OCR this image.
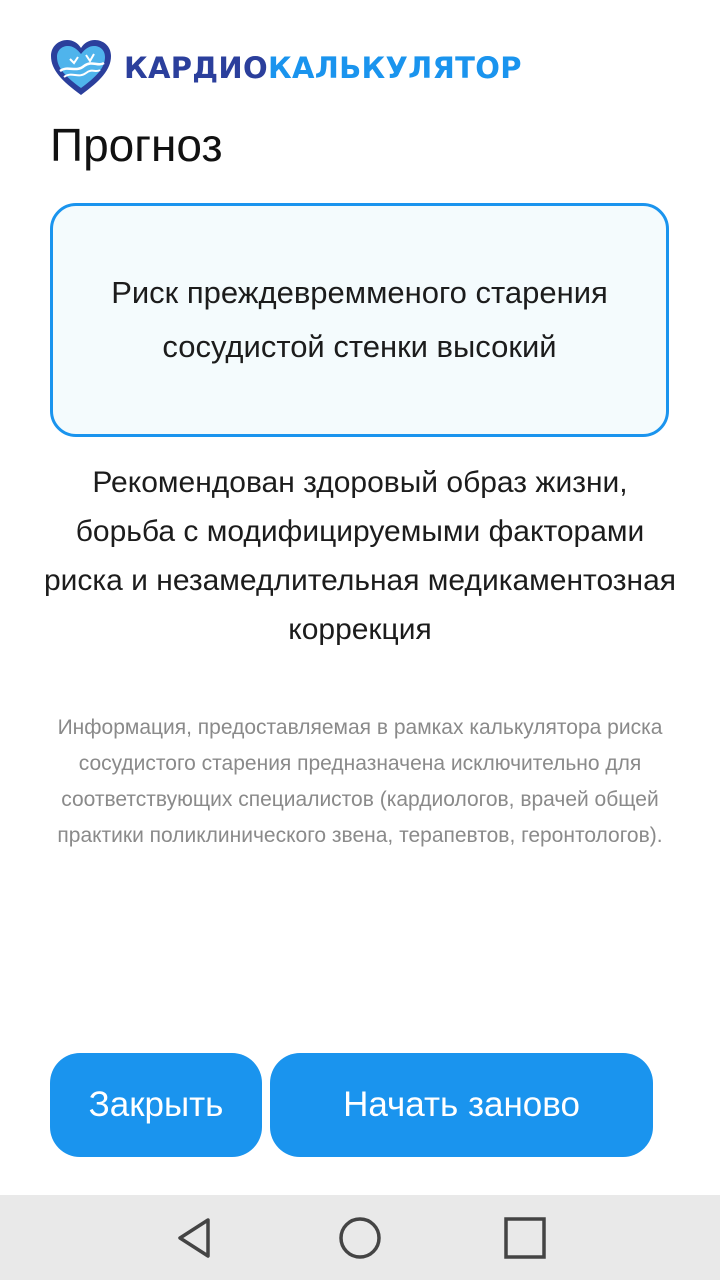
КАРДИОКАЛЬКУЛЯТОР
Прогноз
Риск преждевремменого старения сосудистой стенки высокий
Рекомендован здоровый образ жизни, борьба с модифицируемыми факторами риска и незамедлительная медикаментозная коррекция
Информация, предоставляемая в рамках калькулятора риска сосудистого старения предназначена исключительно для соответствующих специалистов (кардиологов, врачей общей практики поликлинического звена, терапевтов, геронтологов).
Закрыть	Начать заново
